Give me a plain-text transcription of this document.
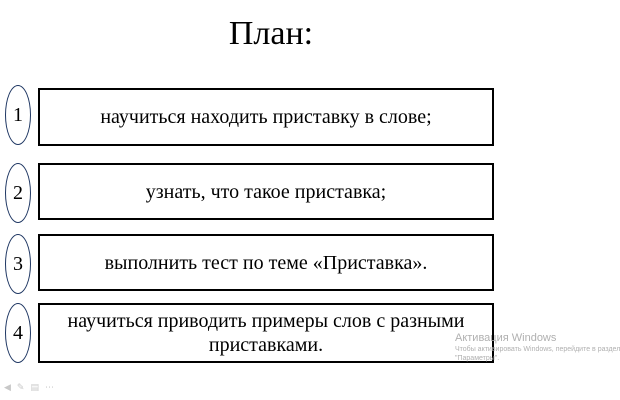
План:
1	научиться находить приставку в слове;
2	узнать, что такое приставка;
3	выполнить тест по теме «Приставка».
4
научиться приводить примеры слов с разными приставками.	Активация Windows
Чтобы активировать Windows, перейдите в раздел
"Параметры".
◀ ✎ ▤ ⋯
